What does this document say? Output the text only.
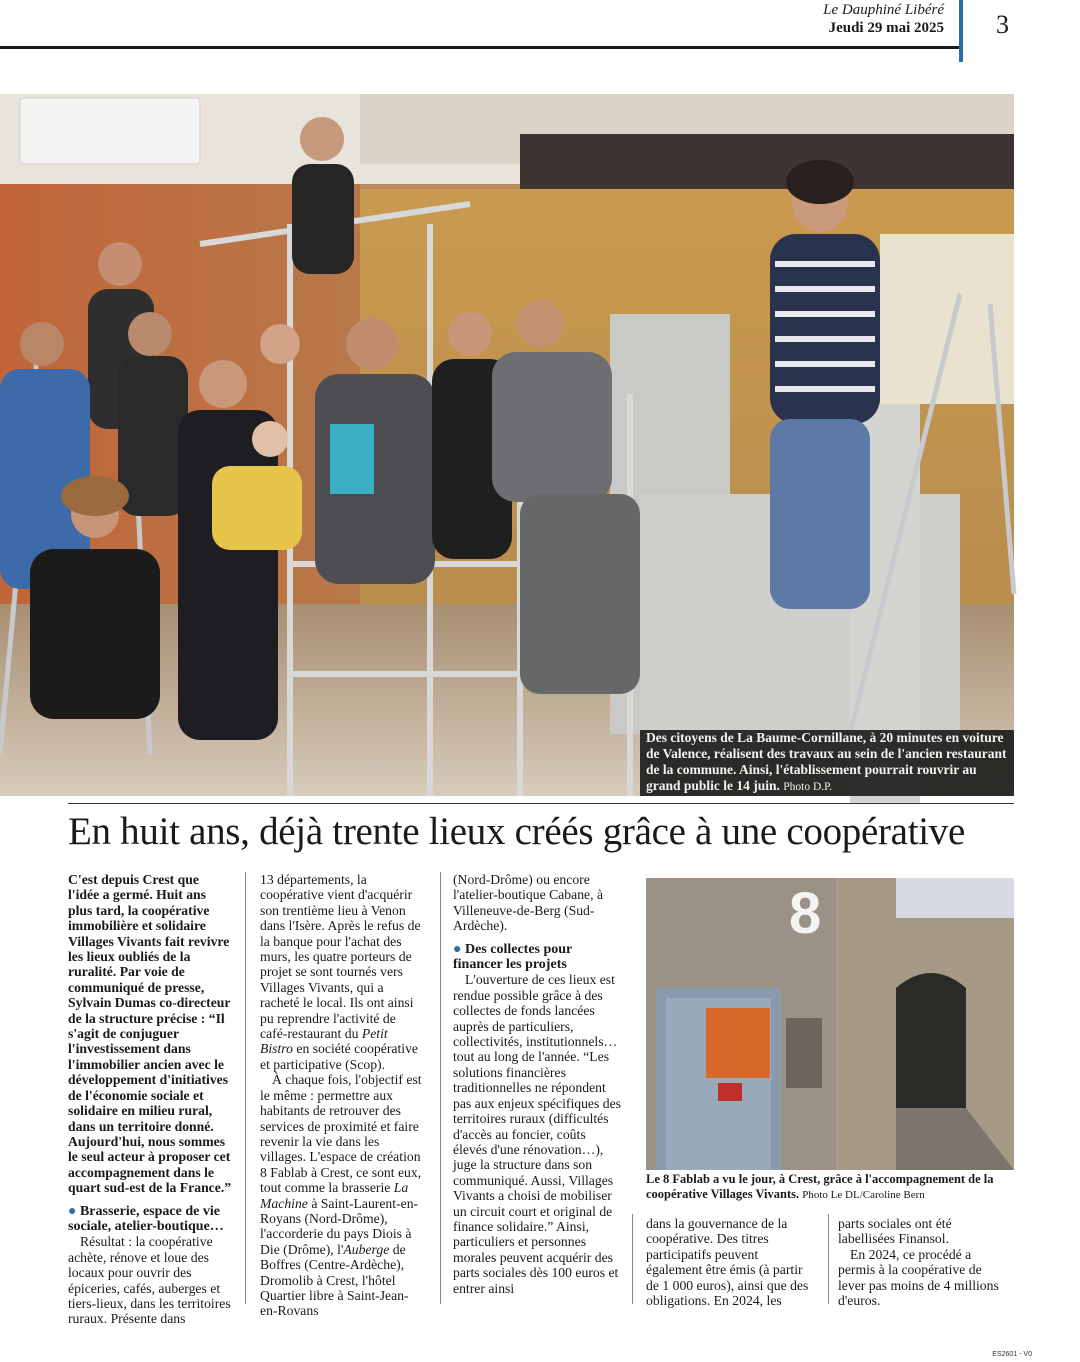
Le Dauphiné Libéré
Jeudi 29 mai 2025 3
Des citoyens de La Baume-Cornillane, à 20 minutes en voiture de Valence, réalisent des travaux au sein de l'ancien restaurant de la commune. Ainsi, l'établissement pourrait rouvrir au grand public le 14 juin. Photo D.P.
En huit ans, déjà trente lieux créés grâce à une coopérative

C'est depuis Crest que l'idée a germé. Huit ans plus tard, la coopérative immobilière et solidaire Villages Vivants fait revivre les lieux oubliés de la ruralité. Par voie de communiqué de presse, Sylvain Dumas co-directeur de la structure précise : “Il s'agit de conjuguer l'investissement dans l'immobilier ancien avec le développement d'initiatives de l'économie sociale et solidaire en milieu rural, dans un territoire donné. Aujourd'hui, nous sommes le seul acteur à proposer cet accompagnement dans le quart sud-est de la France.”

● Brasserie, espace de vie sociale, atelier-boutique…

Résultat : la coopérative achète, rénove et loue des locaux pour ouvrir des épiceries, cafés, auberges et tiers-lieux, dans les territoires ruraux. Présente dans

13 départements, la coopérative vient d'acquérir son trentième lieu à Venon dans l'Isère. Après le refus de la banque pour l'achat des murs, les quatre porteurs de projet se sont tournés vers Villages Vivants, qui a racheté le local. Ils ont ainsi pu reprendre l'activité de café-restaurant du Petit Bistro en société coopérative et participative (Scop).

À chaque fois, l'objectif est le même : permettre aux habitants de retrouver des services de proximité et faire revenir la vie dans les villages. L'espace de création 8 Fablab à Crest, ce sont eux, tout comme la brasserie La Machine à Saint-Laurent-en-Royans (Nord-Drôme), l'accorderie du pays Diois à Die (Drôme), l'Auberge de Boffres (Centre-Ardèche), Dromolib à Crest, l'hôtel Quartier libre à Saint-Jean-en-Rovans

(Nord-Drôme) ou encore l'atelier-boutique Cabane, à Villeneuve-de-Berg (Sud-Ardèche).

● Des collectes pour financer les projets

L'ouverture de ces lieux est rendue possible grâce à des collectes de fonds lancées auprès de particuliers, collectivités, institutionnels… tout au long de l'année. “Les solutions financières traditionnelles ne répondent pas aux enjeux spécifiques des territoires ruraux (difficultés d'accès au foncier, coûts élevés d'une rénovation…), juge la structure dans son communiqué. Aussi, Villages Vivants a choisi de mobiliser un circuit court et original de finance solidaire.” Ainsi, particuliers et personnes morales peuvent acquérir des parts sociales dès 100 euros et entrer ainsi

8
Le 8 Fablab a vu le jour, à Crest, grâce à l'accompagnement de la coopérative Villages Vivants. Photo Le DL/Caroline Bern

dans la gouvernance de la coopérative. Des titres participatifs peuvent également être émis (à partir de 1 000 euros), ainsi que des obligations. En 2024, les

parts sociales ont été labellisées Finansol.

En 2024, ce procédé a permis à la coopérative de lever pas moins de 4 millions d'euros.

ES2601 - V0
